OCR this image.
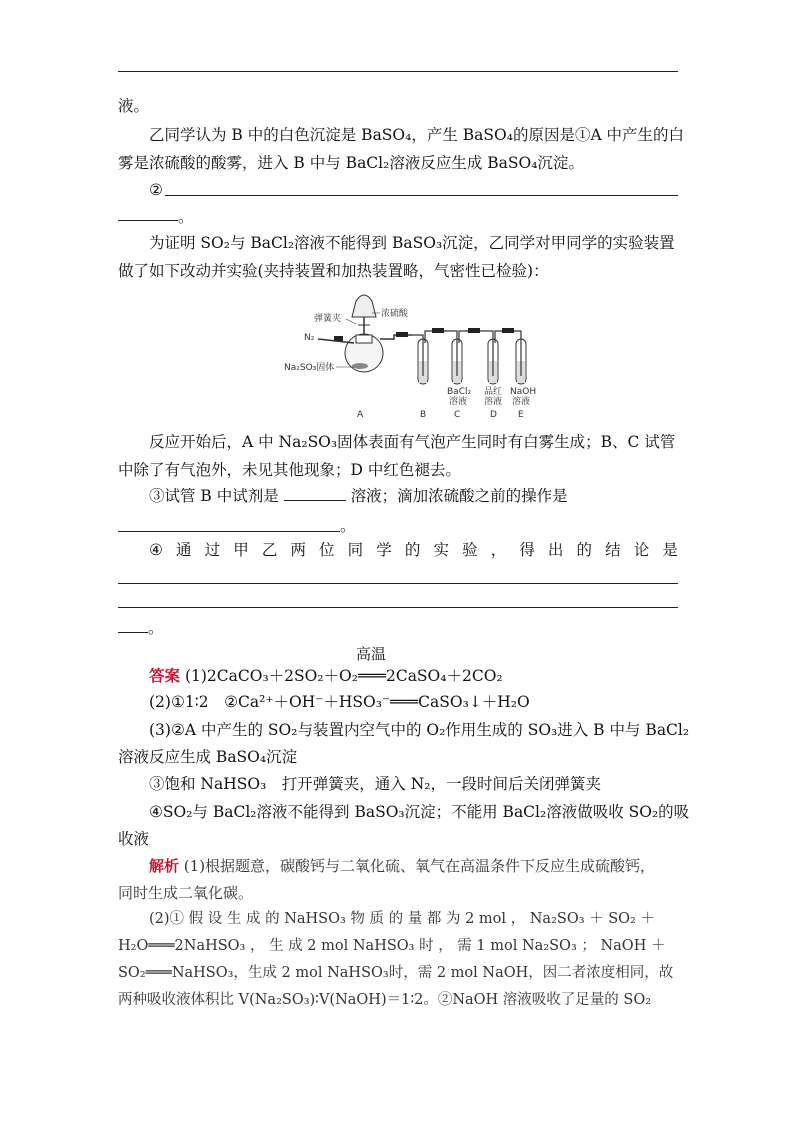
液。
乙同学认为 B 中的白色沉淀是 BaSO₄，产生 BaSO₄的原因是①A 中产生的白
雾是浓硫酸的酸雾，进入 B 中与 BaCl₂溶液反应生成 BaSO₄沉淀。
②
。
为证明 SO₂与 BaCl₂溶液不能得到 BaSO₃沉淀，乙同学对甲同学的实验装置
做了如下改动并实验(夹持装置和加热装置略，气密性已检验)：
弹簧夹	浓硫酸
N₂
Na₂SO₃固体
BaCl₂
溶液
品红
溶液
NaOH
溶液
A	B	C	D E
反应开始后，A 中 Na₂SO₃固体表面有气泡产生同时有白雾生成；B、C 试管
中除了有气泡外，未见其他现象；D 中红色褪去。
③试管 B 中试剂是	溶液；滴加浓硫酸之前的操作是
。
④ 通 过 甲 乙 两 位 同 学 的 实 验 ， 得 出 的 结 论 是
。
高温
答案 (1)2CaCO₃＋2SO₂＋O₂═══2CaSO₄＋2CO₂
(2)①1∶2　②Ca²⁺＋OH⁻＋HSO₃⁻═══CaSO₃↓＋H₂O
(3)②A 中产生的 SO₂与装置内空气中的 O₂作用生成的 SO₃进入 B 中与 BaCl₂
溶液反应生成 BaSO₄沉淀
③饱和 NaHSO₃　打开弹簧夹，通入 N₂，一段时间后关闭弹簧夹
④SO₂与 BaCl₂溶液不能得到 BaSO₃沉淀；不能用 BaCl₂溶液做吸收 SO₂的吸
收液
解析 (1)根据题意，碳酸钙与二氧化硫、氧气在高温条件下反应生成硫酸钙，
同时生成二氧化碳。
(2)① 假 设 生 成 的 NaHSO₃ 物 质 的 量 都 为 2 mol ， Na₂SO₃ ＋ SO₂ ＋
H₂O═══2NaHSO₃ ， 生 成 2 mol NaHSO₃ 时 ， 需 1 mol Na₂SO₃ ； NaOH ＋
SO₂═══NaHSO₃，生成 2 mol NaHSO₃时，需 2 mol NaOH，因二者浓度相同，故
两种吸收液体积比 V(Na₂SO₃)∶V(NaOH)＝1∶2。②NaOH 溶液吸收了足量的 SO₂
